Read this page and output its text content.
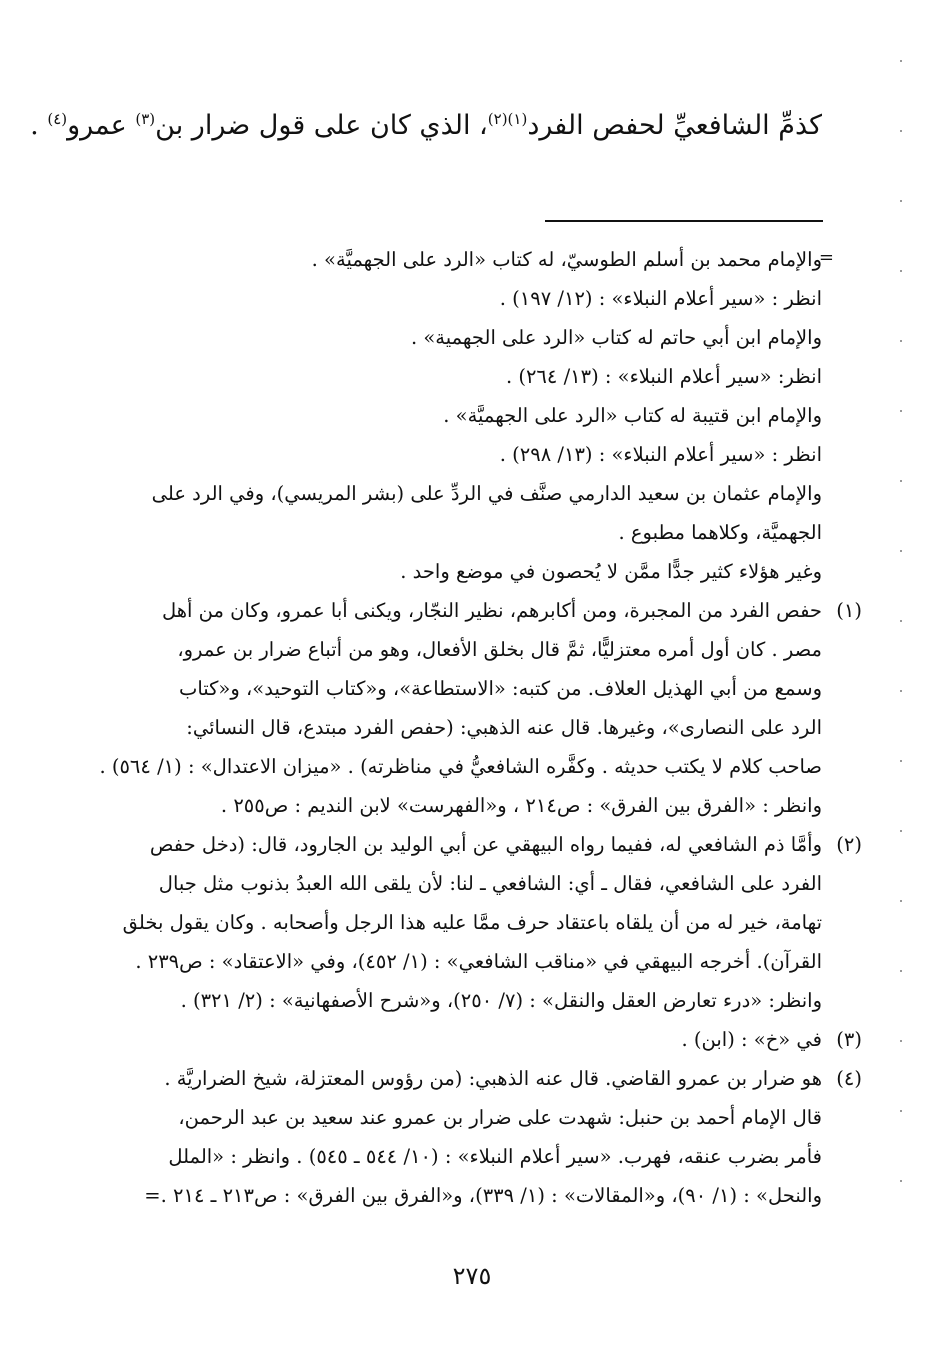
كذمِّ الشافعيِّ لحفص الفرد$^{(١)(٢)}$، الذي كان على قول ضرار بن$^{(٣)}$ عمرو$^{(٤)}$ .
=
والإمام محمد بن أسلم الطوسيّ، له كتاب «الرد على الجهميَّة» .
انظر : «سير أعلام النبلاء» : (١٢/ ١٩٧) .
والإمام ابن أبي حاتم له كتاب «الرد على الجهمية» .
انظر: «سير أعلام النبلاء» : (١٣/ ٢٦٤) .
والإمام ابن قتيبة له كتاب «الرد على الجهميَّة» .
انظر : «سير أعلام النبلاء» : (١٣/ ٢٩٨) .
والإمام عثمان بن سعيد الدارمي صنَّف في الردِّ على (بشر المريسي)، وفي الرد على
الجهميَّة، وكلاهما مطبوع .
وغير هؤلاء كثير جدًّا ممَّن لا يُحصون في موضع واحد .
(١)
حفص الفرد من المجبرة، ومن أكابرهم، نظير النجّار، ويكنى أبا عمرو، وكان من أهل
مصر . كان أول أمره معتزليًّا، ثمَّ قال بخلق الأفعال، وهو من أتباع ضرار بن عمرو،
وسمع من أبي الهذيل العلاف. من كتبه: «الاستطاعة»، و«كتاب التوحيد»، و«كتاب
الرد على النصارى»، وغيرها. قال عنه الذهبي: (حفص الفرد مبتدع، قال النسائي:
صاحب كلام لا يكتب حديثه . وكفَّره الشافعيُّ في مناظرته) . «ميزان الاعتدال» : (١/ ٥٦٤) .
وانظر : «الفرق بين الفرق» : ص٢١٤ ، و«الفهرست» لابن النديم : ص٢٥٥ .
(٢)
وأمَّا ذم الشافعي له، ففيما رواه البيهقي عن أبي الوليد بن الجارود، قال: (دخل حفص
الفرد على الشافعي، فقال ـ أي: الشافعي ـ لنا: لأن يلقى الله العبدُ بذنوب مثل جبال
تهامة، خير له من أن يلقاه باعتقاد حرف ممَّا عليه هذا الرجل وأصحابه . وكان يقول بخلق
القرآن). أخرجه البيهقي في «مناقب الشافعي» : (١/ ٤٥٢)، وفي «الاعتقاد» : ص٢٣٩ .
وانظر: «درء تعارض العقل والنقل» : (٧/ ٢٥٠)، و«شرح الأصفهانية» : (٢/ ٣٢١) .
(٣)
في «خ» : (ابن) .
(٤)
هو ضرار بن عمرو القاضي. قال عنه الذهبي: (من رؤوس المعتزلة، شيخ الضراريَّة .
قال الإمام أحمد بن حنبل: شهدت على ضرار بن عمرو عند سعيد بن عبد الرحمن،
فأمر بضرب عنقه، فهرب. «سير أعلام النبلاء» : (١٠/ ٥٤٤ ـ ٥٤٥) . وانظر : «الملل
والنحل» : (١/ ٩٠)، و«المقالات» : (١/ ٣٣٩)، و«الفرق بين الفرق» : ص٢١٣ ـ ٢١٤ .=
٢٧٥
